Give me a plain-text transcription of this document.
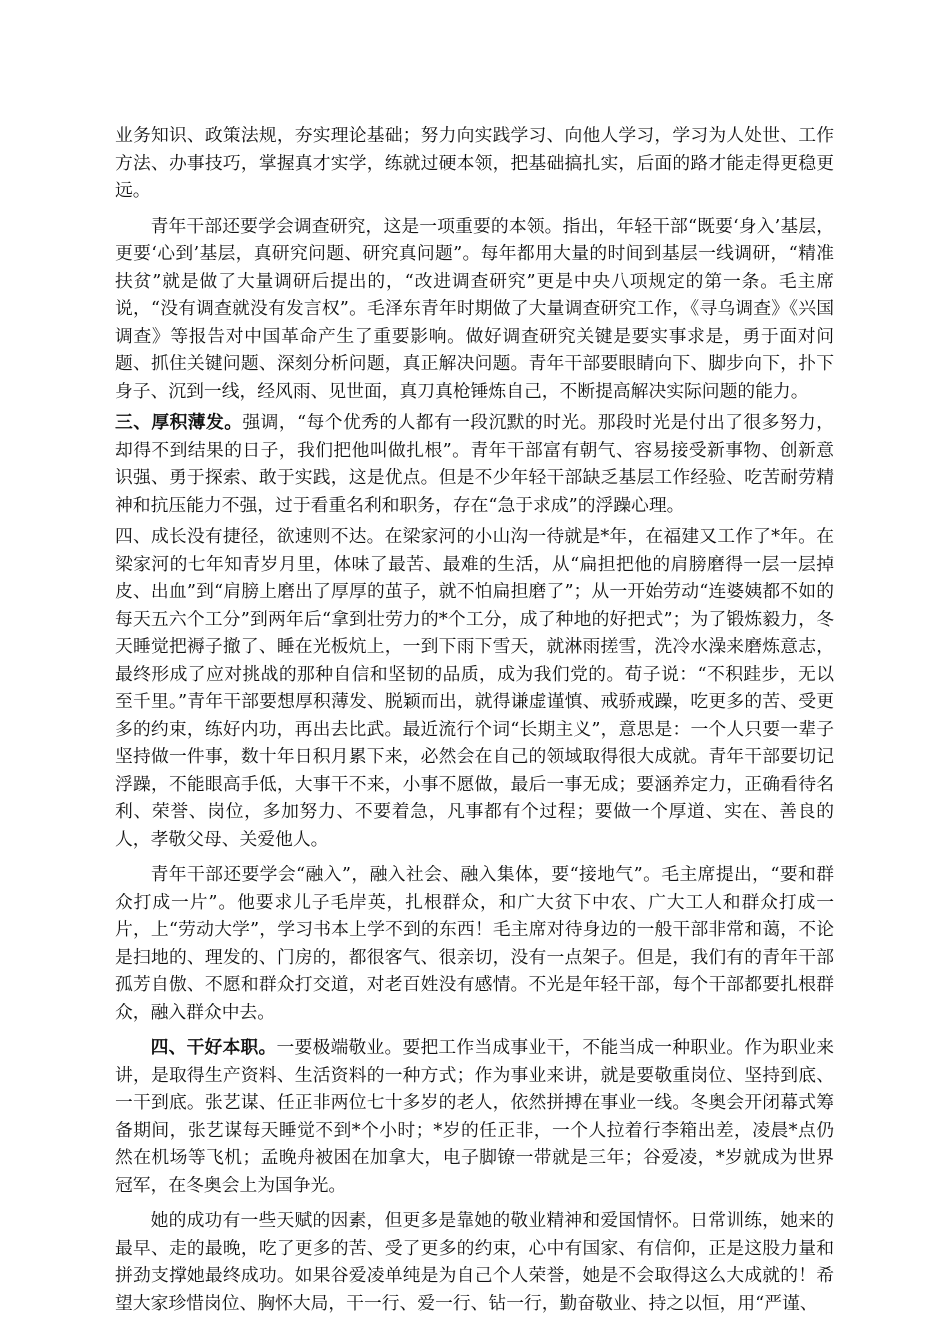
业务知识、政策法规，夯实理论基础；努力向实践学习、向他人学习，学习为人处世、工作方法、办事技巧，掌握真才实学，练就过硬本领，把基础搞扎实，后面的路才能走得更稳更远。

青年干部还要学会调查研究，这是一项重要的本领。指出，年轻干部“既要‘身入’基层，更要‘心到’基层，真研究问题、研究真问题”。每年都用大量的时间到基层一线调研，“精准扶贫”就是做了大量调研后提出的，“改进调查研究”更是中央八项规定的第一条。毛主席说，“没有调查就没有发言权”。毛泽东青年时期做了大量调查研究工作，《寻乌调查》《兴国调查》等报告对中国革命产生了重要影响。做好调查研究关键是要实事求是，勇于面对问题、抓住关键问题、深刻分析问题，真正解决问题。青年干部要眼睛向下、脚步向下，扑下身子、沉到一线，经风雨、见世面，真刀真枪锤炼自己，不断提高解决实际问题的能力。

三、厚积薄发。强调，“每个优秀的人都有一段沉默的时光。那段时光是付出了很多努力，却得不到结果的日子，我们把他叫做扎根”。青年干部富有朝气、容易接受新事物、创新意识强、勇于探索、敢于实践，这是优点。但是不少年轻干部缺乏基层工作经验、吃苦耐劳精神和抗压能力不强，过于看重名利和职务，存在“急于求成”的浮躁心理。

四、成长没有捷径，欲速则不达。在梁家河的小山沟一待就是*年，在福建又工作了*年。在梁家河的七年知青岁月里，体味了最苦、最难的生活，从“扁担把他的肩膀磨得一层一层掉皮、出血”到“肩膀上磨出了厚厚的茧子，就不怕扁担磨了”；从一开始劳动“连婆姨都不如的每天五六个工分”到两年后“拿到壮劳力的*个工分，成了种地的好把式”；为了锻炼毅力，冬天睡觉把褥子撤了、睡在光板炕上，一到下雨下雪天，就淋雨搓雪，洗冷水澡来磨炼意志，最终形成了应对挑战的那种自信和坚韧的品质，成为我们党的。荀子说：“不积跬步，无以至千里。”青年干部要想厚积薄发、脱颖而出，就得谦虚谨慎、戒骄戒躁，吃更多的苦、受更多的约束，练好内功，再出去比武。最近流行个词“长期主义”，意思是：一个人只要一辈子坚持做一件事，数十年日积月累下来，必然会在自己的领域取得很大成就。青年干部要切记浮躁，不能眼高手低，大事干不来，小事不愿做，最后一事无成；要涵养定力，正确看待名利、荣誉、岗位，多加努力、不要着急，凡事都有个过程；要做一个厚道、实在、善良的人，孝敬父母、关爱他人。

青年干部还要学会“融入”，融入社会、融入集体，要“接地气”。毛主席提出，“要和群众打成一片”。他要求儿子毛岸英，扎根群众，和广大贫下中农、广大工人和群众打成一片，上“劳动大学”，学习书本上学不到的东西！毛主席对待身边的一般干部非常和蔼，不论是扫地的、理发的、门房的，都很客气、很亲切，没有一点架子。但是，我们有的青年干部孤芳自傲、不愿和群众打交道，对老百姓没有感情。不光是年轻干部，每个干部都要扎根群众，融入群众中去。

四、干好本职。一要极端敬业。要把工作当成事业干，不能当成一种职业。作为职业来讲，是取得生产资料、生活资料的一种方式；作为事业来讲，就是要敬重岗位、坚持到底、一干到底。张艺谋、任正非两位七十多岁的老人，依然拼搏在事业一线。冬奥会开闭幕式筹备期间，张艺谋每天睡觉不到*个小时；*岁的任正非，一个人拉着行李箱出差，凌晨*点仍然在机场等飞机；孟晚舟被困在加拿大，电子脚镣一带就是三年；谷爱凌，*岁就成为世界冠军，在冬奥会上为国争光。

她的成功有一些天赋的因素，但更多是靠她的敬业精神和爱国情怀。日常训练，她来的最早、走的最晚，吃了更多的苦、受了更多的约束，心中有国家、有信仰，正是这股力量和拼劲支撑她最终成功。如果谷爱凌单纯是为自己个人荣誉，她是不会取得这么大成就的！希望大家珍惜岗位、胸怀大局，干一行、爱一行、钻一行，勤奋敬业、持之以恒，用“严谨、
